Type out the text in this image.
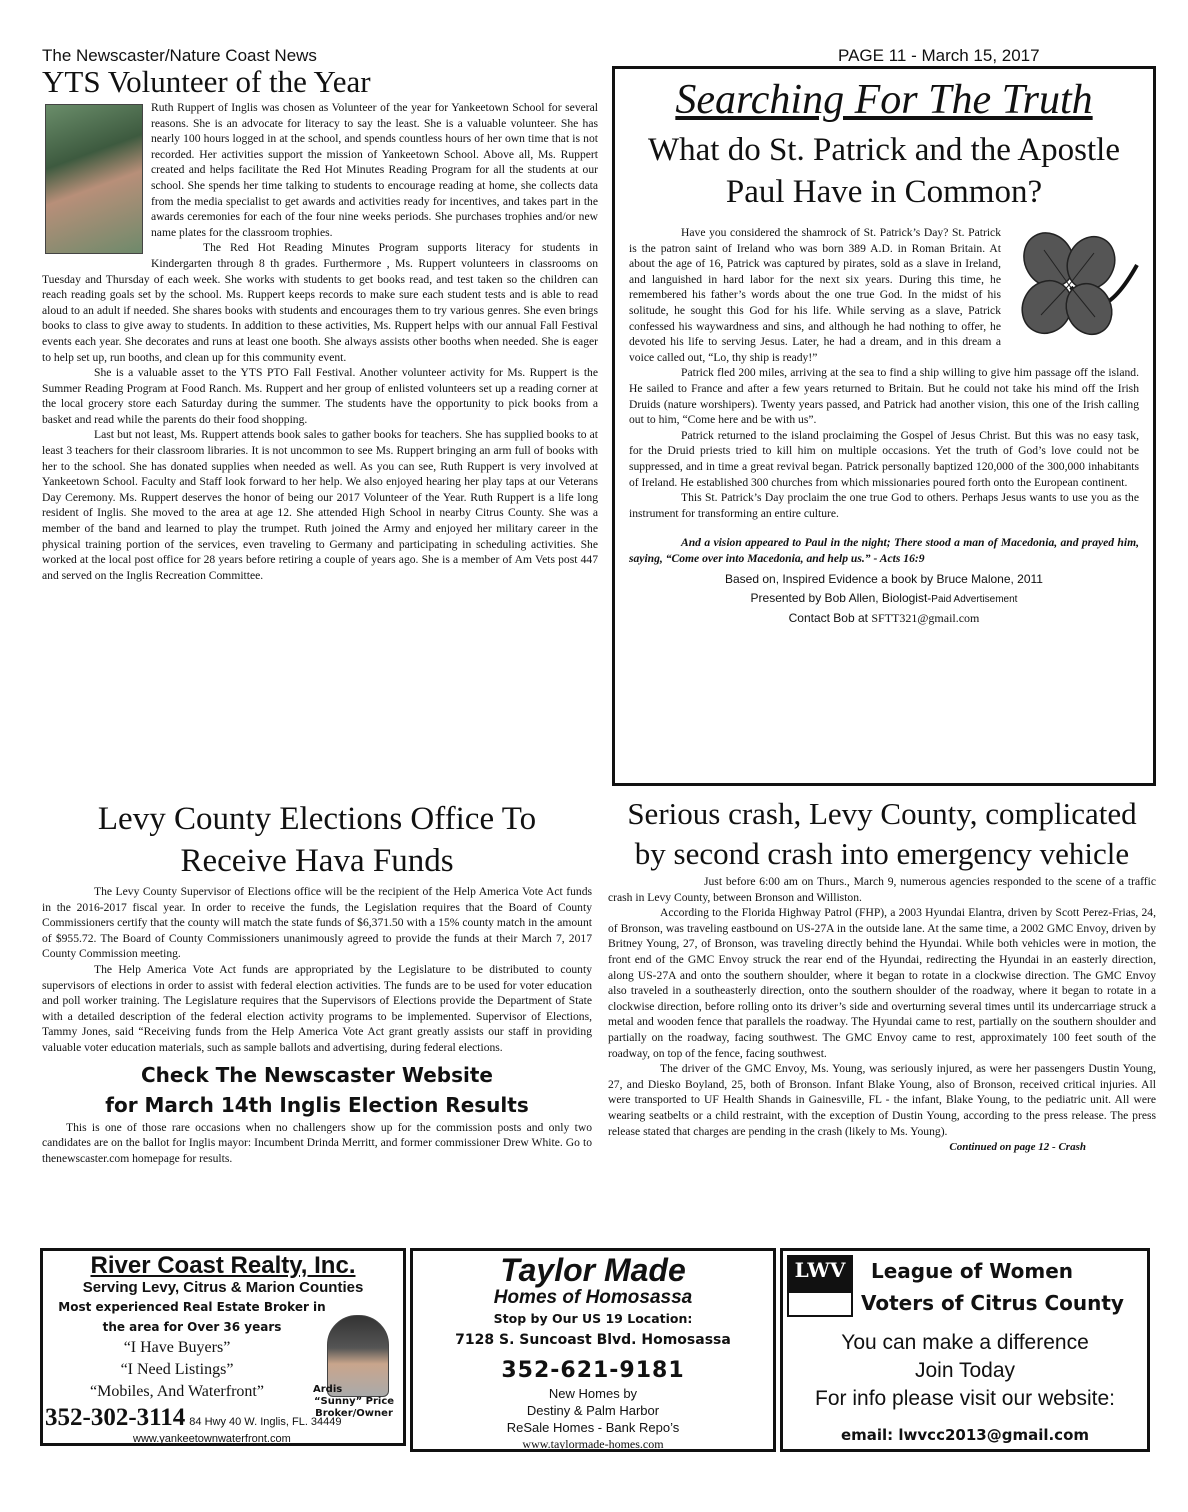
The Newscaster/Nature Coast News	PAGE 11 - March 15, 2017
YTS Volunteer of the Year

Ruth Ruppert of Inglis was chosen as Volunteer of the year for Yankeetown School for several reasons. She is an advocate for literacy to say the least. She is a valuable volunteer. She has nearly 100 hours logged in at the school, and spends countless hours of her own time that is not recorded. Her activities support the mission of Yankeetown School. Above all, Ms. Ruppert created and helps facilitate the Red Hot Minutes Reading Program for all the students at our school. She spends her time talking to students to encourage reading at home, she collects data from the media specialist to get awards and activities ready for incentives, and takes part in the awards ceremonies for each of the four nine weeks periods. She purchases trophies and/or new name plates for the classroom trophies.

The Red Hot Reading Minutes Program supports literacy for students in Kindergarten through 8 th grades. Furthermore , Ms. Ruppert volunteers in classrooms on Tuesday and Thursday of each week. She works with students to get books read, and test taken so the children can reach reading goals set by the school. Ms. Ruppert keeps records to make sure each student tests and is able to read aloud to an adult if needed. She shares books with students and encourages them to try various genres. She even brings books to class to give away to students. In addition to these activities, Ms. Ruppert helps with our annual Fall Festival events each year. She decorates and runs at least one booth. She always assists other booths when needed. She is eager to help set up, run booths, and clean up for this community event.

She is a valuable asset to the YTS PTO Fall Festival. Another volunteer activity for Ms. Ruppert is the Summer Reading Program at Food Ranch. Ms. Ruppert and her group of enlisted volunteers set up a reading corner at the local grocery store each Saturday during the summer. The students have the opportunity to pick books from a basket and read while the parents do their food shopping.

Last but not least, Ms. Ruppert attends book sales to gather books for teachers. She has supplied books to at least 3 teachers for their classroom libraries. It is not uncommon to see Ms. Ruppert bringing an arm full of books with her to the school. She has donated supplies when needed as well. As you can see, Ruth Ruppert is very involved at Yankeetown School. Faculty and Staff look forward to her help. We also enjoyed hearing her play taps at our Veterans Day Ceremony. Ms. Ruppert deserves the honor of being our 2017 Volunteer of the Year. Ruth Ruppert is a life long resident of Inglis. She moved to the area at age 12. She attended High School in nearby Citrus County. She was a member of the band and learned to play the trumpet. Ruth joined the Army and enjoyed her military career in the physical training portion of the services, even traveling to Germany and participating in scheduling activities. She worked at the local post office for 28 years before retiring a couple of years ago. She is a member of Am Vets post 447 and served on the Inglis Recreation Committee.

Searching For The Truth
What do St. Patrick and the Apostle Paul Have in Common?

Have you considered the shamrock of St. Patrick’s Day? St. Patrick is the patron saint of Ireland who was born 389 A.D. in Roman Britain. At about the age of 16, Patrick was captured by pirates, sold as a slave in Ireland, and languished in hard labor for the next six years. During this time, he remembered his father’s words about the one true God. In the midst of his solitude, he sought this God for his life. While serving as a slave, Patrick confessed his waywardness and sins, and although he had nothing to offer, he devoted his life to serving Jesus. Later, he had a dream, and in this dream a voice called out, “Lo, thy ship is ready!”

Patrick fled 200 miles, arriving at the sea to find a ship willing to give him passage off the island. He sailed to France and after a few years returned to Britain. But he could not take his mind off the Irish Druids (nature worshipers). Twenty years passed, and Patrick had another vision, this one of the Irish calling out to him, “Come here and be with us”.

Patrick returned to the island proclaiming the Gospel of Jesus Christ. But this was no easy task, for the Druid priests tried to kill him on multiple occasions. Yet the truth of God’s love could not be suppressed, and in time a great revival began. Patrick personally baptized 120,000 of the 300,000 inhabitants of Ireland. He established 300 churches from which missionaries poured forth onto the European continent.

This St. Patrick’s Day proclaim the one true God to others. Perhaps Jesus wants to use you as the instrument for transforming an entire culture.

And a vision appeared to Paul in the night; There stood a man of Macedonia, and prayed him, saying, “Come over into Macedonia, and help us.” - Acts 16:9

Based on, Inspired Evidence a book by Bruce Malone, 2011
Presented by Bob Allen, Biologist-Paid Advertisement
Contact Bob at SFTT321@gmail.com
Levy County Elections Office To Receive Hava Funds

The Levy County Supervisor of Elections office will be the recipient of the Help America Vote Act funds in the 2016-2017 fiscal year. In order to receive the funds, the Legislation requires that the Board of County Commissioners certify that the county will match the state funds of $6,371.50 with a 15% county match in the amount of $955.72. The Board of County Commissioners unanimously agreed to provide the funds at their March 7, 2017 County Commission meeting.

The Help America Vote Act funds are appropriated by the Legislature to be distributed to county supervisors of elections in order to assist with federal election activities. The funds are to be used for voter education and poll worker training. The Legislature requires that the Supervisors of Elections provide the Department of State with a detailed description of the federal election activity programs to be implemented. Supervisor of Elections, Tammy Jones, said “Receiving funds from the Help America Vote Act grant greatly assists our staff in providing valuable voter education materials, such as sample ballots and advertising, during federal elections.

Check The Newscaster Website
for March 14th Inglis Election Results

This is one of those rare occasions when no challengers show up for the commission posts and only two candidates are on the ballot for Inglis mayor: Incumbent Drinda Merritt, and former commissioner Drew White. Go to thenewscaster.com homepage for results.

Serious crash, Levy County, complicated by second crash into emergency vehicle

Just before 6:00 am on Thurs., March 9, numerous agencies responded to the scene of a traffic crash in Levy County, between Bronson and Williston.

According to the Florida Highway Patrol (FHP), a 2003 Hyundai Elantra, driven by Scott Perez-Frias, 24, of Bronson, was traveling eastbound on US-27A in the outside lane. At the same time, a 2002 GMC Envoy, driven by Britney Young, 27, of Bronson, was traveling directly behind the Hyundai. While both vehicles were in motion, the front end of the GMC Envoy struck the rear end of the Hyundai, redirecting the Hyundai in an easterly direction, along US-27A and onto the southern shoulder, where it began to rotate in a clockwise direction. The GMC Envoy also traveled in a southeasterly direction, onto the southern shoulder of the roadway, where it began to rotate in a clockwise direction, before rolling onto its driver’s side and overturning several times until its undercarriage struck a metal and wooden fence that parallels the roadway. The Hyundai came to rest, partially on the southern shoulder and partially on the roadway, facing southwest. The GMC Envoy came to rest, approximately 100 feet south of the roadway, on top of the fence, facing southwest.

The driver of the GMC Envoy, Ms. Young, was seriously injured, as were her passengers Dustin Young, 27, and Diesko Boyland, 25, both of Bronson. Infant Blake Young, also of Bronson, received critical injuries. All were transported to UF Health Shands in Gainesville, FL - the infant, Blake Young, to the pediatric unit. All were wearing seatbelts or a child restraint, with the exception of Dustin Young, according to the press release. The press release stated that charges are pending in the crash (likely to Ms. Young).

Continued on page 12 - Crash
River Coast Realty, Inc.
Serving Levy, Citrus & Marion Counties
Most experienced Real Estate Broker in
the area for Over 36 years
“I Have Buyers”
“I Need Listings”
“Mobiles, And Waterfront”	Ardis
“Sunny” Price
Broker/Owner
352-302-3114 84 Hwy 40 W. Inglis, FL. 34449
www.yankeetownwaterfront.com
Taylor Made
Homes of Homosassa
Stop by Our US 19 Location:
7128 S. Suncoast Blvd. Homosassa
352-621-9181
New Homes by
Destiny & Palm Harbor
ReSale Homes - Bank Repo’s
www.taylormade-homes.com
LWV	League of Women
Voters of Citrus County
You can make a difference
Join Today
For info please visit our website:
email: lwvcc2013@gmail.com
